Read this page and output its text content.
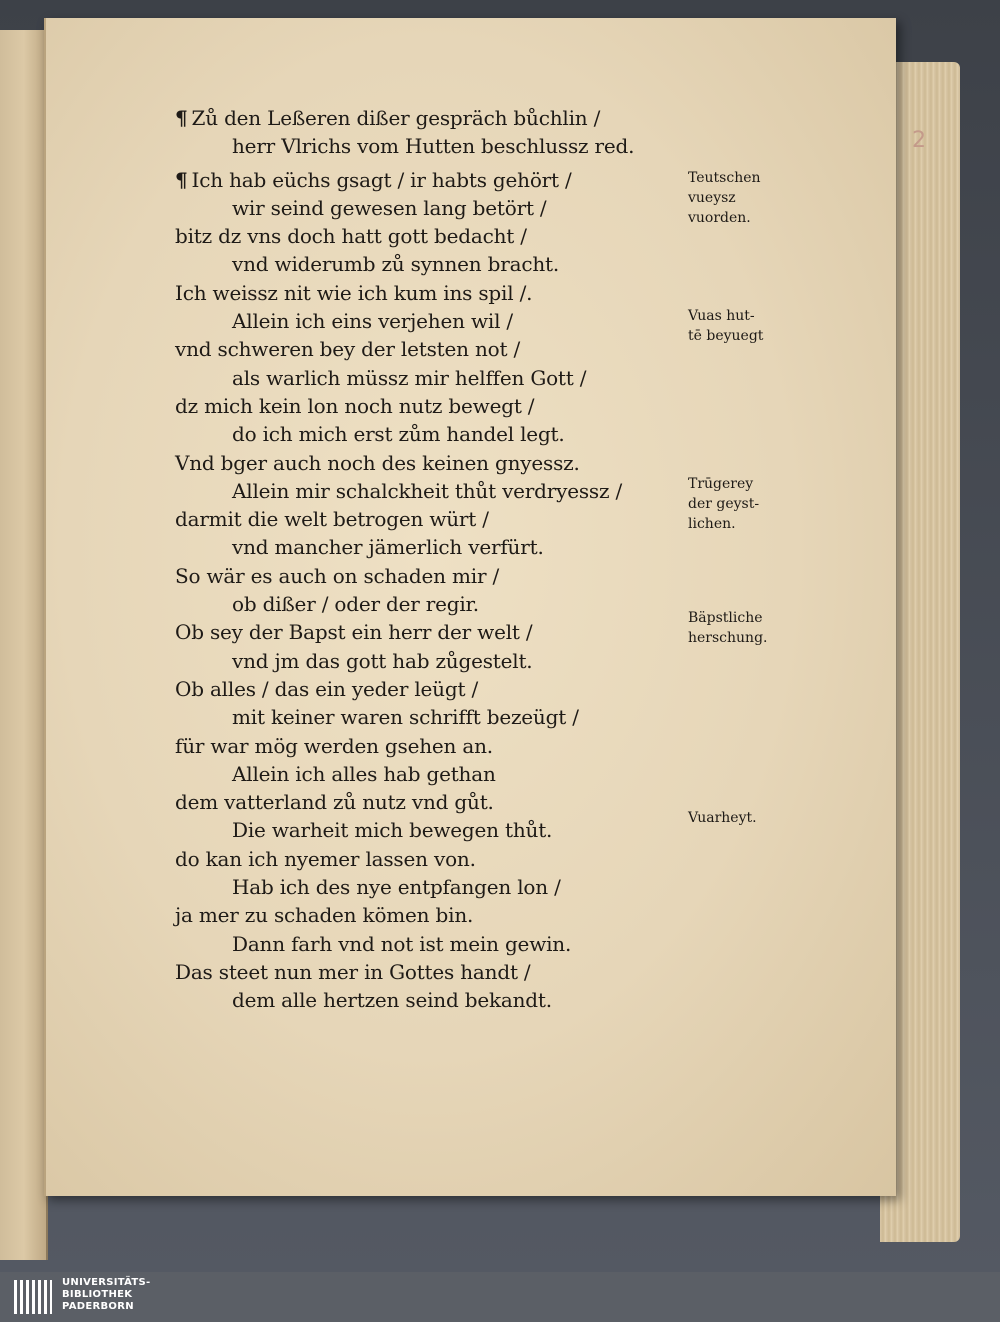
2
¶ Zů den Leßeren dißer gespräch bůchlin /
herr Vlrichs vom Hutten beschlussz red.
¶ Ich hab eüchs gsagt / ir habts gehört /
wir seind gewesen lang betört /
bitz dz vns doch hatt gott bedacht /
vnd widerumb zů synnen bracht.
Ich weissz nit wie ich kum ins spil /.
Allein ich eins verjehen wil /
vnd schweren bey der letsten not /
als warlich müssz mir helffen Gott /
dz mich kein lon noch nutz bewegt /
do ich mich erst zům handel legt.
Vnd bger auch noch des keinen gnyessz.
Allein mir schalckheit thůt verdryessz /
darmit die welt betrogen würt /
vnd mancher jämerlich verfürt.
So wär es auch on schaden mir /
ob dißer / oder der regir.
Ob sey der Bapst ein herr der welt /
vnd jm das gott hab zůgestelt.
Ob alles / das ein yeder leügt /
mit keiner waren schrifft bezeügt /
für war mög werden gsehen an.
Allein ich alles hab gethan
dem vatterland zů nutz vnd gůt.
Die warheit mich bewegen thůt.
do kan ich nyemer lassen von.
Hab ich des nye entpfangen lon /
ja mer zu schaden kömen bin.
Dann farh vnd not ist mein gewin.
Das steet nun mer in Gottes handt /
dem alle hertzen seind bekandt.
Teutschen
vueysz
vuorden.
Vuas hut-
tē beyuegt
Trūgerey
der geyst-
lichen.
Bäpstliche
herschung.
Vuarheyt.
UNIVERSITÄTS-
BIBLIOTHEK
PADERBORN
